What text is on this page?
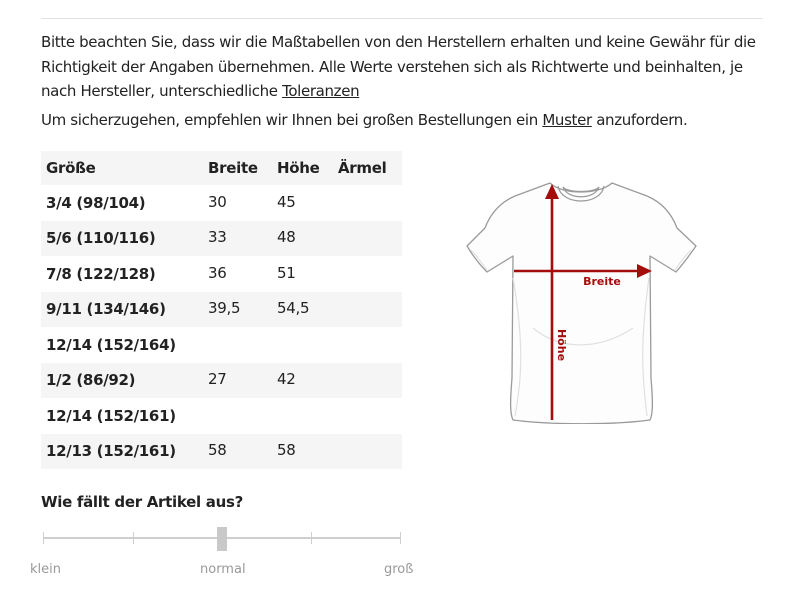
Bitte beachten Sie, dass wir die Maßtabellen von den Herstellern erhalten und keine Gewähr für die Richtigkeit der Angaben übernehmen. Alle Werte verstehen sich als Richtwerte und beinhalten, je nach Hersteller, unterschiedliche Toleranzen

Um sicherzugehen, empfehlen wir Ihnen bei großen Bestellungen ein Muster anzufordern.

Größe	Breite	Höhe	Ärmel
3/4 (98/104)	30	45	
5/6 (110/116)	33	48	
7/8 (122/128)	36	51	
9/11 (134/146)	39,5	54,5	
12/14 (152/164)			
1/2 (86/92)	27	42	
12/14 (152/161)			
12/13 (152/161)	58	58	
Breite
Höhe
Wie fällt der Artikel aus?
klein	normal	groß
